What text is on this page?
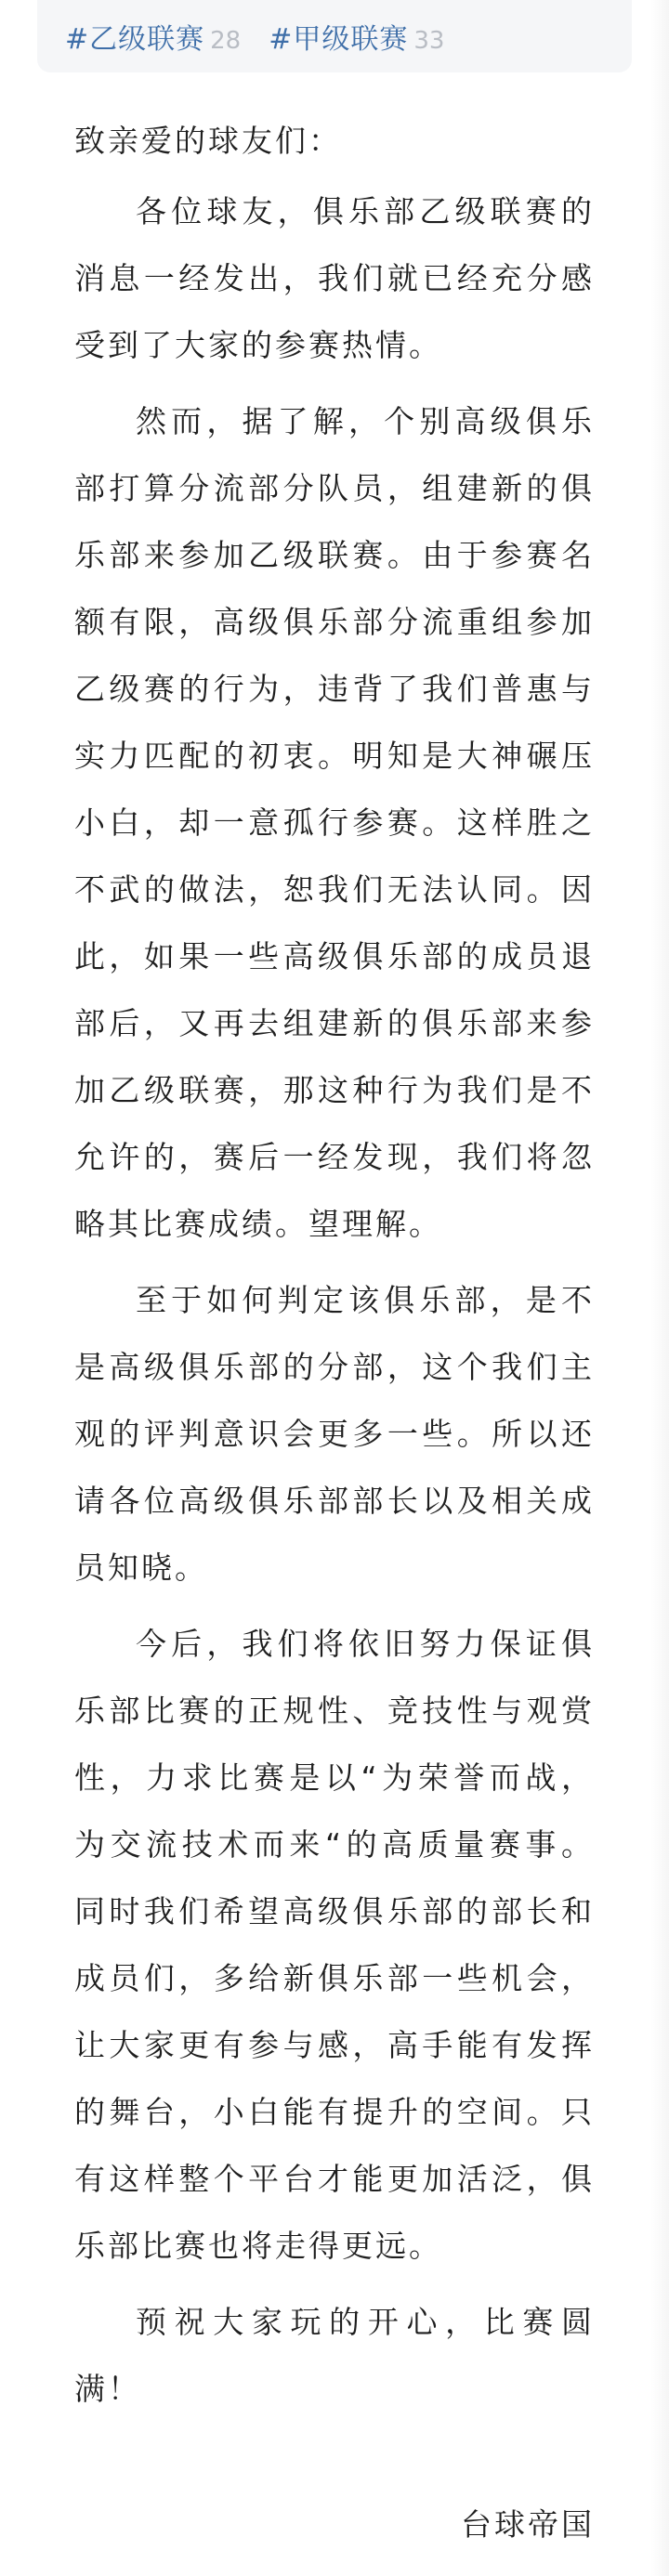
#乙级联赛 28 #甲级联赛 33

致亲爱的球友们：

各位球友，俱乐部乙级联赛的消息一经发出，我们就已经充分感受到了大家的参赛热情。

然而，据了解，个别高级俱乐部打算分流部分队员，组建新的俱乐部来参加乙级联赛。由于参赛名额有限，高级俱乐部分流重组参加乙级赛的行为，违背了我们普惠与实力匹配的初衷。明知是大神碾压小白，却一意孤行参赛。这样胜之不武的做法，恕我们无法认同。因此，如果一些高级俱乐部的成员退部后，又再去组建新的俱乐部来参加乙级联赛，那这种行为我们是不允许的，赛后一经发现，我们将忽略其比赛成绩。望理解。

至于如何判定该俱乐部，是不是高级俱乐部的分部，这个我们主观的评判意识会更多一些。所以还请各位高级俱乐部部长以及相关成员知晓。

今后，我们将依旧努力保证俱乐部比赛的正规性、竞技性与观赏性，力求比赛是以“为荣誉而战，为交流技术而来“的高质量赛事。同时我们希望高级俱乐部的部长和成员们，多给新俱乐部一些机会，让大家更有参与感，高手能有发挥的舞台，小白能有提升的空间。只有这样整个平台才能更加活泛，俱乐部比赛也将走得更远。

预祝大家玩的开心，比赛圆满！

台球帝国
